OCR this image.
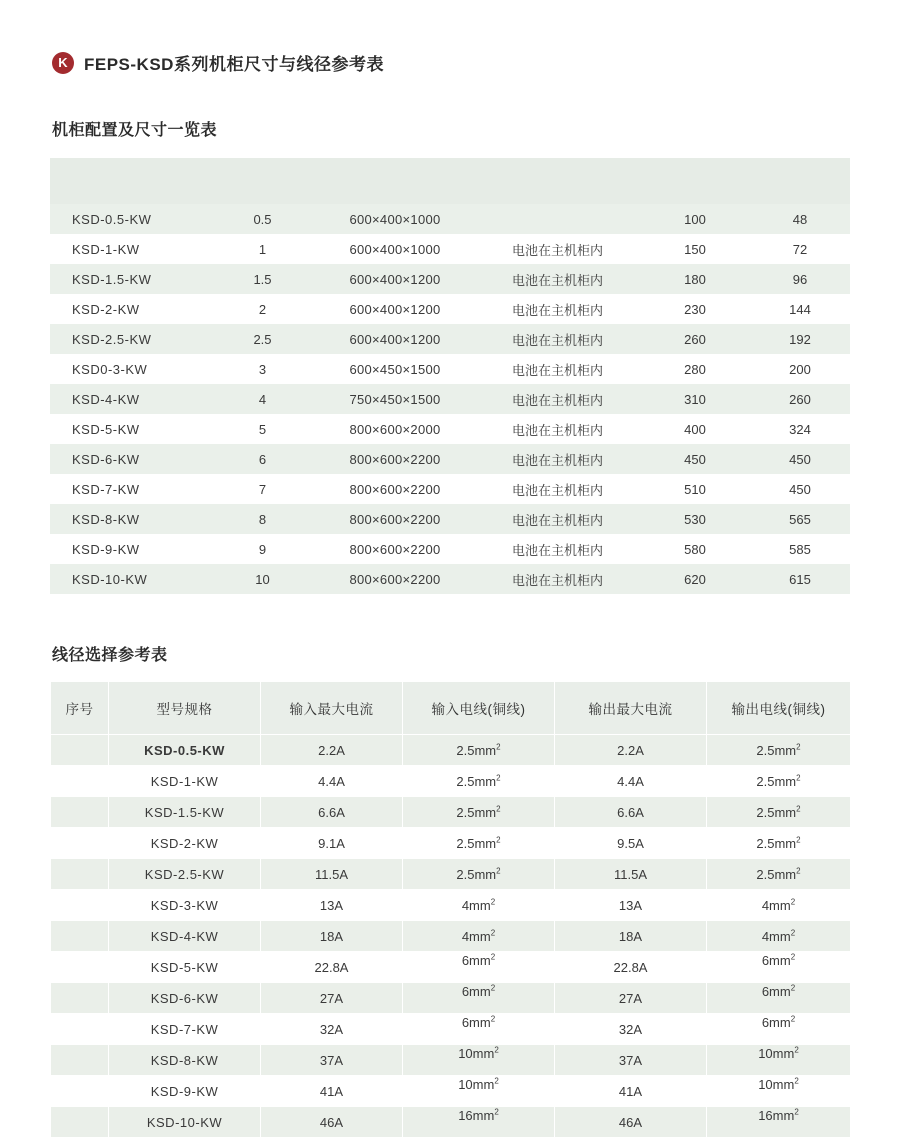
K FEPS-KSD系列机柜尺寸与线径参考表
机柜配置及尺寸一览表

KSD-0.5-KW	0.5	600×400×1000		100	48
KSD-1-KW	1	600×400×1000	电池在主机柜内	150	72
KSD-1.5-KW	1.5	600×400×1200	电池在主机柜内	180	96
KSD-2-KW	2	600×400×1200	电池在主机柜内	230	144
KSD-2.5-KW	2.5	600×400×1200	电池在主机柜内	260	192
KSD0-3-KW	3	600×450×1500	电池在主机柜内	280	200
KSD-4-KW	4	750×450×1500	电池在主机柜内	310	260
KSD-5-KW	5	800×600×2000	电池在主机柜内	400	324
KSD-6-KW	6	800×600×2200	电池在主机柜内	450	450
KSD-7-KW	7	800×600×2200	电池在主机柜内	510	450
KSD-8-KW	8	800×600×2200	电池在主机柜内	530	565
KSD-9-KW	9	800×600×2200	电池在主机柜内	580	585
KSD-10-KW	10	800×600×2200	电池在主机柜内	620	615
线径选择参考表
序号	型号规格	输入最大电流	输入电线(铜线)	输出最大电流	输出电线(铜线)
	KSD-0.5-KW	2.2A	$2.5mm^2$	2.2A	$2.5mm^2$
	KSD-1-KW	4.4A	$2.5mm^2$	4.4A	$2.5mm^2$
	KSD-1.5-KW	6.6A	$2.5mm^2$	6.6A	$2.5mm^2$
	KSD-2-KW	9.1A	$2.5mm^2$	9.5A	$2.5mm^2$
	KSD-2.5-KW	11.5A	$2.5mm^2$	11.5A	$2.5mm^2$
	KSD-3-KW	13A	$4mm^2$	13A	$4mm^2$
	KSD-4-KW	18A	$4mm^2$	18A	$4mm^2$
	KSD-5-KW	22.8A	$6mm^2$	22.8A	$6mm^2$
	KSD-6-KW	27A	$6mm^2$	27A	$6mm^2$
	KSD-7-KW	32A	$6mm^2$	32A	$6mm^2$
	KSD-8-KW	37A	$10mm^2$	37A	$10mm^2$
	KSD-9-KW	41A	$10mm^2$	41A	$10mm^2$
	KSD-10-KW	46A	$16mm^2$	46A	$16mm^2$
